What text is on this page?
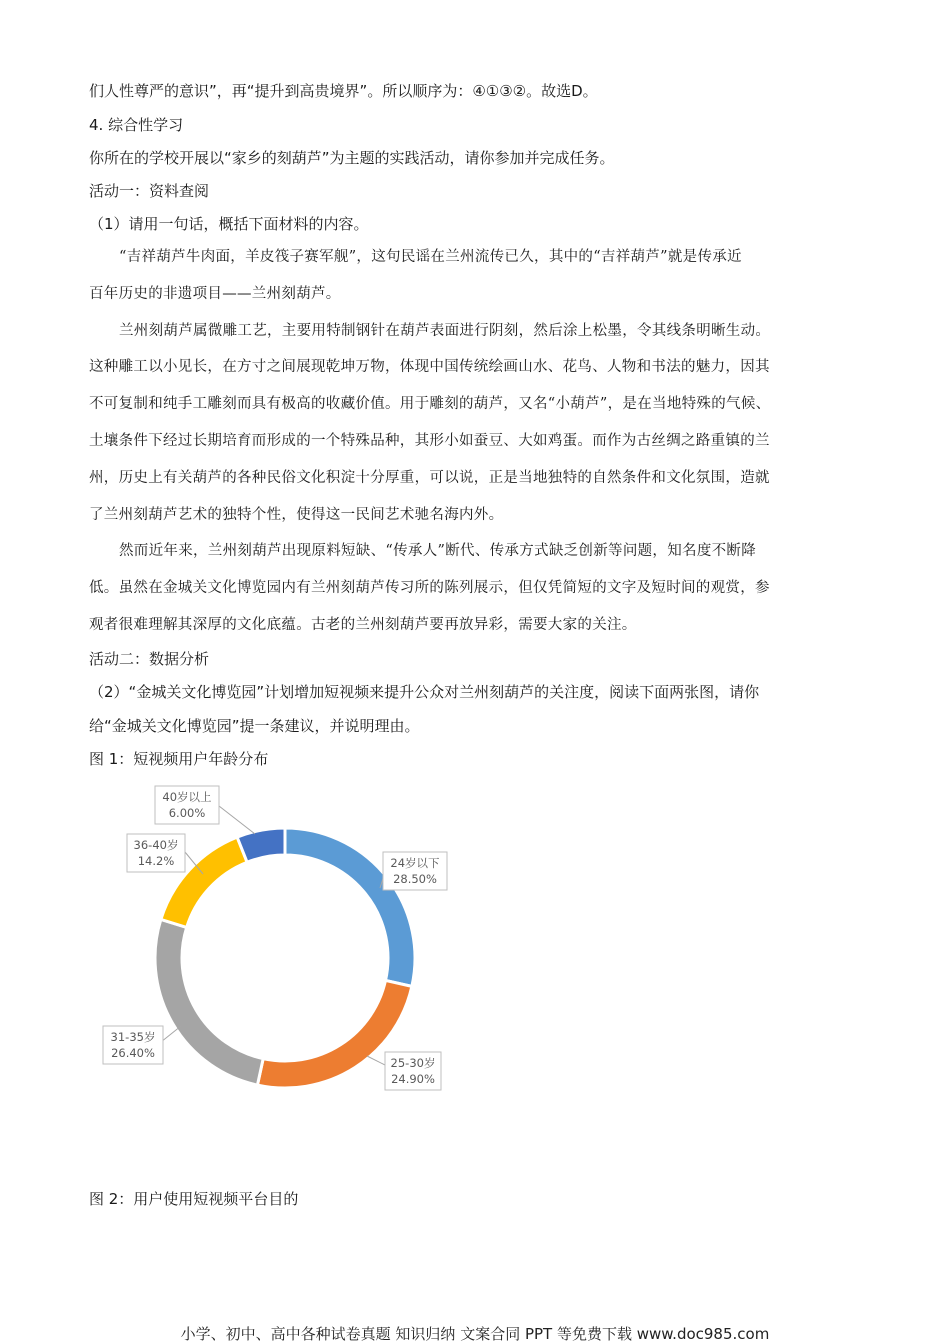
们人性尊严的意识”，再“提升到高贵境界”。所以顺序为：④①③②。故选D。
4. 综合性学习
你所在的学校开展以“家乡的刻葫芦”为主题的实践活动，请你参加并完成任务。
活动一：资料查阅
（1）请用一句话，概括下面材料的内容。
“吉祥葫芦牛肉面，羊皮筏子赛军舰”，这句民谣在兰州流传已久，其中的“吉祥葫芦”就是传承近
百年历史的非遗项目——兰州刻葫芦。
兰州刻葫芦属微雕工艺，主要用特制钢针在葫芦表面进行阴刻，然后涂上松墨，令其线条明晰生动。
这种雕工以小见长，在方寸之间展现乾坤万物，体现中国传统绘画山水、花鸟、人物和书法的魅力，因其
不可复制和纯手工雕刻而具有极高的收藏价值。用于雕刻的葫芦，又名“小葫芦”，是在当地特殊的气候、
土壤条件下经过长期培育而形成的一个特殊品种，其形小如蚕豆、大如鸡蛋。而作为古丝绸之路重镇的兰
州，历史上有关葫芦的各种民俗文化积淀十分厚重，可以说，正是当地独特的自然条件和文化氛围，造就
了兰州刻葫芦艺术的独特个性，使得这一民间艺术驰名海内外。
然而近年来，兰州刻葫芦出现原料短缺、“传承人”断代、传承方式缺乏创新等问题，知名度不断降
低。虽然在金城关文化博览园内有兰州刻葫芦传习所的陈列展示，但仅凭简短的文字及短时间的观赏，参
观者很难理解其深厚的文化底蕴。古老的兰州刻葫芦要再放异彩，需要大家的关注。
活动二：数据分析
（2）“金城关文化博览园”计划增加短视频来提升公众对兰州刻葫芦的关注度，阅读下面两张图，请你
给“金城关文化博览园”提一条建议，并说明理由。
图 1：短视频用户年龄分布
24岁以下
28.50%
25-30岁
24.90%
31-35岁
26.40%
36-40岁
14.2%
40岁以上
6.00%
图 2：用户使用短视频平台目的
小学、初中、高中各种试卷真题 知识归纳 文案合同 PPT 等免费下载 www.doc985.com
